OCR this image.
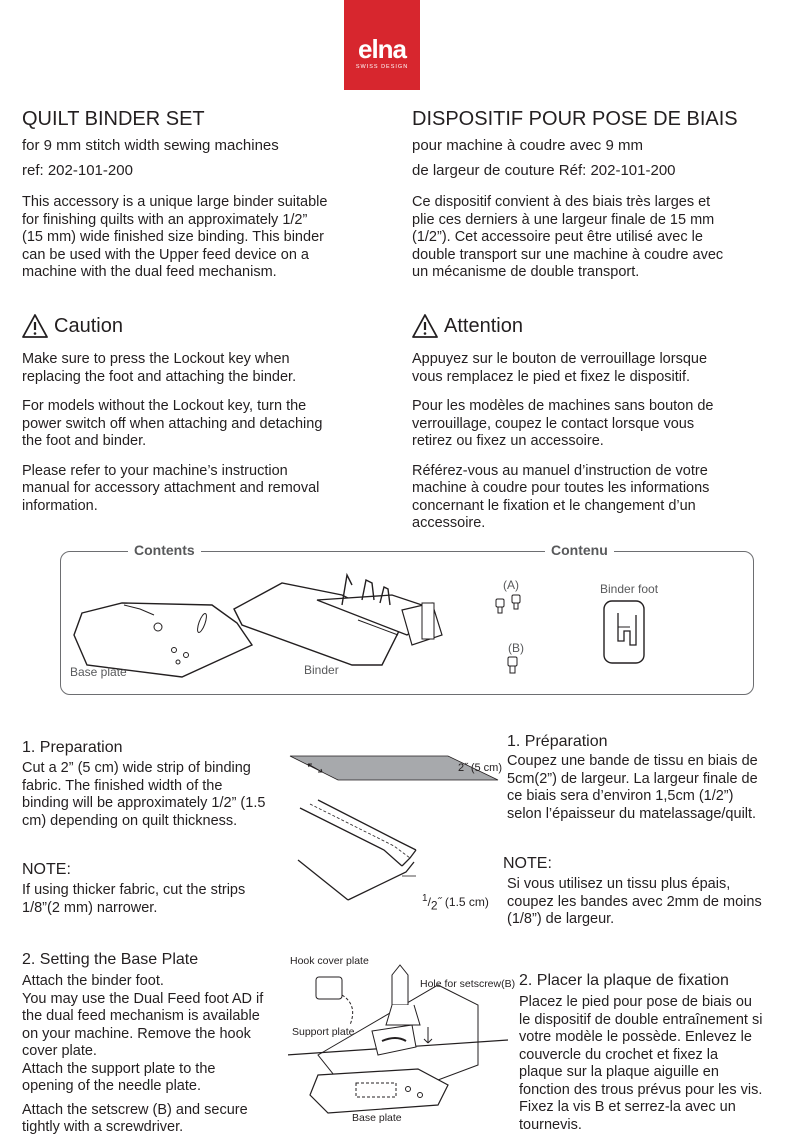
elna
SWISS DESIGN
QUILT BINDER SET
for 9 mm stitch width sewing machines
ref: 202-101-200
DISPOSITIF POUR POSE DE BIAIS
pour machine à coudre avec 9 mm
de largeur de couture Réf: 202-101-200
This accessory is a unique large binder suitable
for finishing quilts with an approximately 1/2”
(15 mm) wide finished size binding. This binder
can be used with the Upper feed device on a
machine with the dual feed mechanism.
Ce dispositif convient à des biais très larges et
plie ces derniers à une largeur finale de 15 mm
(1/2”). Cet accessoire peut être utilisé avec le
double transport sur une machine à coudre avec
un mécanisme de double transport.
Caution

Make sure to press the Lockout key when
replacing the foot and attaching the binder.

For models without the Lockout key, turn the
power switch off when attaching and detaching
the foot and binder.

Please refer to your machine’s instruction
manual for accessory attachment and removal
information.

Attention

Appuyez sur le bouton de verrouillage lorsque
vous remplacez le pied et fixez le dispositif.

Pour les modèles de machines sans bouton de
verrouillage, coupez le contact lorsque vous
retirez ou fixez un accessoire.

Référez-vous au manuel d’instruction de votre
machine à coudre pour toutes les informations
concernant le fixation et le changement d’un
accessoire.

Contents	Contenu
Base plate	Binder
(A)
(B)
Binder foot
1. Preparation
Cut a 2” (5 cm) wide strip of binding
fabric. The finished width of the
binding will be approximately 1/2” (1.5
cm) depending on quilt thickness.
NOTE:
If using thicker fabric, cut the strips
1/8”(2 mm) narrower.
2˝ (5 cm)
$^1/_2˝$ (1.5 cm)
1. Préparation
Coupez une bande de tissu en biais de
5cm(2”) de largeur. La largeur finale de
ce biais sera d’environ 1,5cm (1/2”)
selon l’épaisseur du matelassage/quilt.
NOTE:
Si vous utilisez un tissu plus épais,
coupez les bandes avec 2mm de moins
(1/8”) de largeur.
2. Setting the Base Plate
Attach the binder foot.
You may use the Dual Feed foot AD if
the dual feed mechanism is available
on your machine. Remove the hook
cover plate.
Attach the support plate to the
opening of the needle plate.
Attach the setscrew (B) and secure
tightly with a screwdriver.
Hook cover plate
Hole for setscrew(B)
Support plate
Base plate
2. Placer la plaque de fixation
Placez le pied pour pose de biais ou
le dispositif de double entraînement si
votre modèle le possède. Enlevez le
couvercle du crochet et fixez la
plaque sur la plaque aiguille en
fonction des trous prévus pour les vis.
Fixez la vis B et serrez-la avec un
tournevis.
